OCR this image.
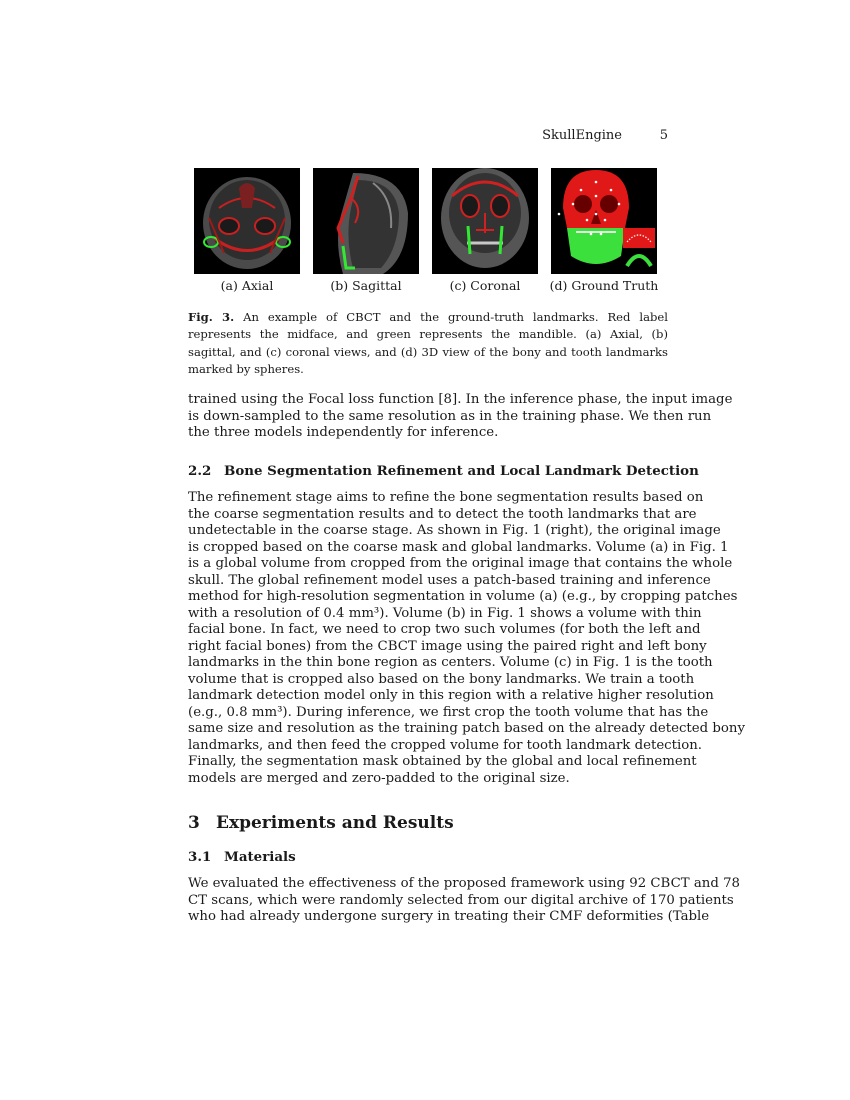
SkullEngine	5
(a) Axial	(b) Sagittal	(c) Coronal	(d) Ground Truth
Fig. 3. An example of CBCT and the ground-truth landmarks. Red label represents the midface, and green represents the mandible. (a) Axial, (b) sagittal, and (c) coronal views, and (d) 3D view of the bony and tooth landmarks marked by spheres.
trained using the Focal loss function [8]. In the inference phase, the input image
is down-sampled to the same resolution as in the training phase. We then run
the three models independently for inference.
2.2 Bone Segmentation Refinement and Local Landmark Detection
The refinement stage aims to refine the bone segmentation results based on
the coarse segmentation results and to detect the tooth landmarks that are
undetectable in the coarse stage. As shown in Fig. 1 (right), the original image
is cropped based on the coarse mask and global landmarks. Volume (a) in Fig. 1
is a global volume from cropped from the original image that contains the whole
skull. The global refinement model uses a patch-based training and inference
method for high-resolution segmentation in volume (a) (e.g., by cropping patches
with a resolution of 0.4 mm³). Volume (b) in Fig. 1 shows a volume with thin
facial bone. In fact, we need to crop two such volumes (for both the left and
right facial bones) from the CBCT image using the paired right and left bony
landmarks in the thin bone region as centers. Volume (c) in Fig. 1 is the tooth
volume that is cropped also based on the bony landmarks. We train a tooth
landmark detection model only in this region with a relative higher resolution
(e.g., 0.8 mm³). During inference, we first crop the tooth volume that has the
same size and resolution as the training patch based on the already detected bony
landmarks, and then feed the cropped volume for tooth landmark detection.
Finally, the segmentation mask obtained by the global and local refinement
models are merged and zero-padded to the original size.
3 Experiments and Results
3.1 Materials
We evaluated the effectiveness of the proposed framework using 92 CBCT and 78
CT scans, which were randomly selected from our digital archive of 170 patients
who had already undergone surgery in treating their CMF deformities (Table
